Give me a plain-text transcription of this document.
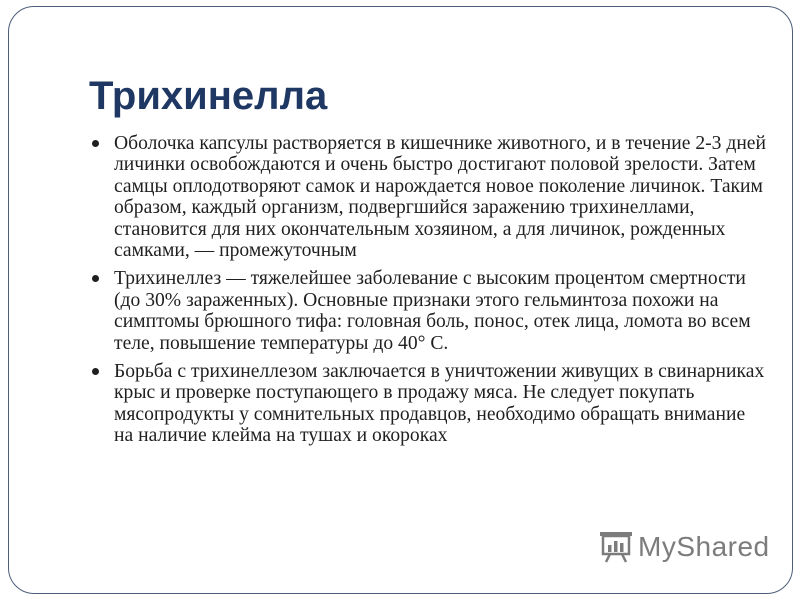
Трихинелла
Оболочка капсулы растворяется в кишечнике животного, и в течение 2-3 дней личинки освобождаются и очень быстро достигают половой зрелости. Затем самцы оплодотворяют самок и нарождается новое поколение личинок. Таким образом, каждый организм, подвергшийся заражению трихинеллами, становится для них окончательным хозяином, а для личинок, рожденных самками, — промежуточным
Трихинеллез — тяжелейшее заболевание с высоким процентом смертности (до 30% зараженных). Основные признаки этого гельминтоза похожи на симптомы брюшного тифа: головная боль, понос, отек лица, ломота во всем теле, повышение температуры до 40° С.
Борьба с трихинеллезом заключается в уничтожении живущих в свинарниках крыс и проверке поступающего в продажу мяса. Не следует покупать мясопродукты у сомнительных продавцов, необходимо обращать внимание на наличие клейма на тушах и окороках
MyShared
